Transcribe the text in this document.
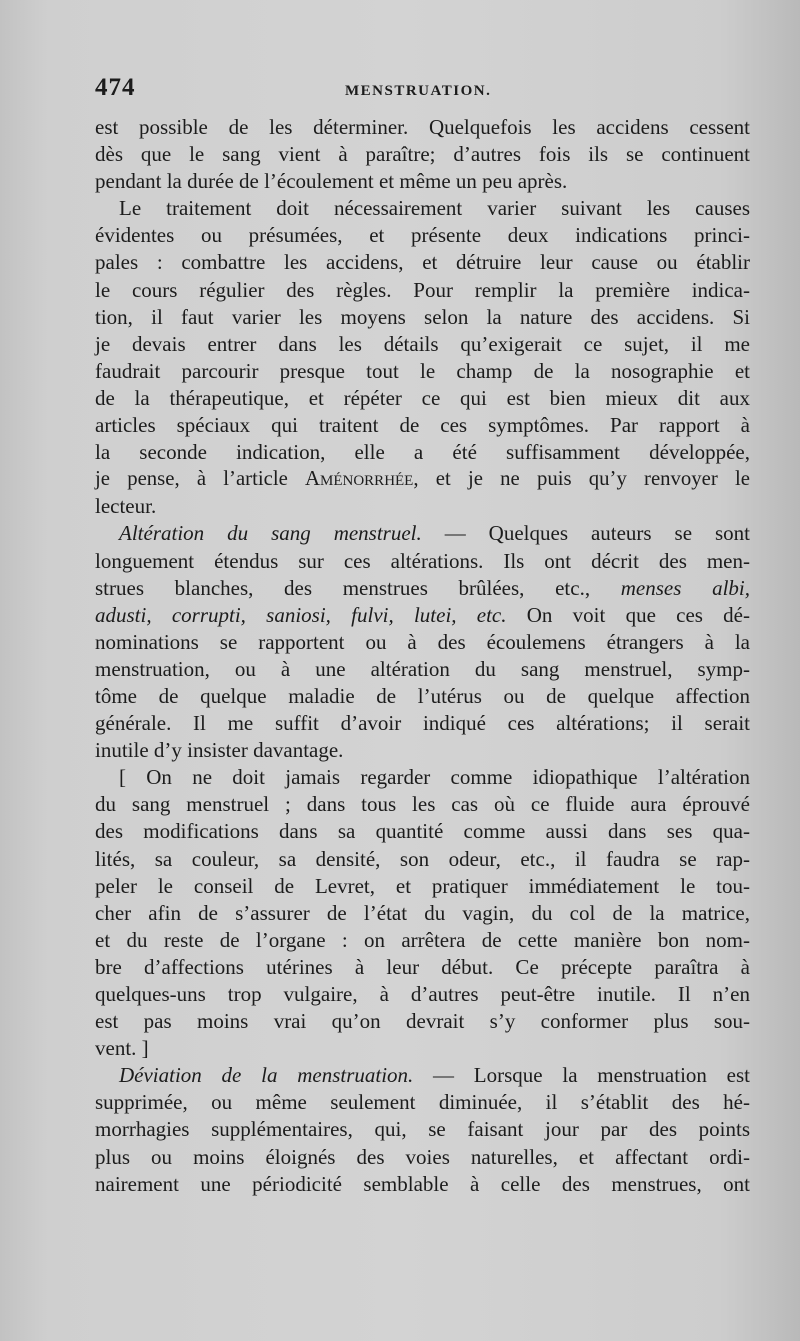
474	MENSTRUATION.
est possible de les déterminer. Quelquefois les accidens cessent
dès que le sang vient à paraître; d’autres fois ils se continuent
pendant la durée de l’écoulement et même un peu après.
Le traitement doit nécessairement varier suivant les causes
évidentes ou présumées, et présente deux indications princi-
pales : combattre les accidens, et détruire leur cause ou établir
le cours régulier des règles. Pour remplir la première indica-
tion, il faut varier les moyens selon la nature des accidens. Si
je devais entrer dans les détails qu’exigerait ce sujet, il me
faudrait parcourir presque tout le champ de la nosographie et
de la thérapeutique, et répéter ce qui est bien mieux dit aux
articles spéciaux qui traitent de ces symptômes. Par rapport à
la seconde indication, elle a été suffisamment développée,
je pense, à l’article Aménorrhée, et je ne puis qu’y renvoyer le
lecteur.
Altération du sang menstruel. — Quelques auteurs se sont
longuement étendus sur ces altérations. Ils ont décrit des men-
strues blanches, des menstrues brûlées, etc., menses albi,
adusti, corrupti, saniosi, fulvi, lutei, etc. On voit que ces dé-
nominations se rapportent ou à des écoulemens étrangers à la
menstruation, ou à une altération du sang menstruel, symp-
tôme de quelque maladie de l’utérus ou de quelque affection
générale. Il me suffit d’avoir indiqué ces altérations; il serait
inutile d’y insister davantage.
[ On ne doit jamais regarder comme idiopathique l’altération
du sang menstruel ; dans tous les cas où ce fluide aura éprouvé
des modifications dans sa quantité comme aussi dans ses qua-
lités, sa couleur, sa densité, son odeur, etc., il faudra se rap-
peler le conseil de Levret, et pratiquer immédiatement le tou-
cher afin de s’assurer de l’état du vagin, du col de la matrice,
et du reste de l’organe : on arrêtera de cette manière bon nom-
bre d’affections utérines à leur début. Ce précepte paraîtra à
quelques-uns trop vulgaire, à d’autres peut-être inutile. Il n’en
est pas moins vrai qu’on devrait s’y conformer plus sou-
vent. ]
Déviation de la menstruation. — Lorsque la menstruation est
supprimée, ou même seulement diminuée, il s’établit des hé-
morrhagies supplémentaires, qui, se faisant jour par des points
plus ou moins éloignés des voies naturelles, et affectant ordi-
nairement une périodicité semblable à celle des menstrues, ont
